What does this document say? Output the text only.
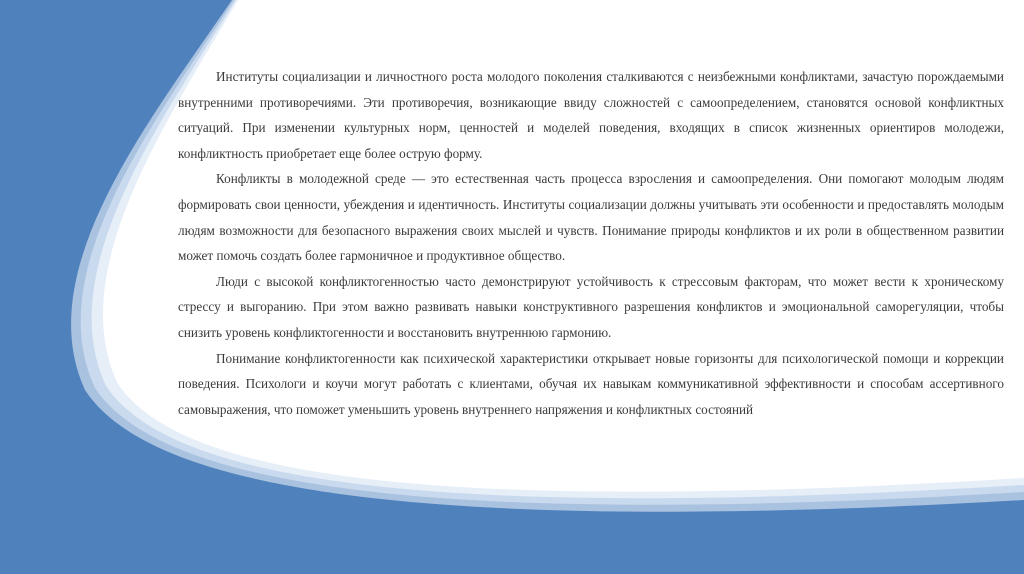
Институты социализации и личностного роста молодого поколения сталкиваются с неизбежными конфликтами, зачастую порождаемыми внутренними противоречиями. Эти противоречия, возникающие ввиду сложностей с самоопределением, становятся основой конфликтных ситуаций. При изменении культурных норм, ценностей и моделей поведения, входящих в список жизненных ориентиров молодежи, конфликтность приобретает еще более острую форму.

Конфликты в молодежной среде — это естественная часть процесса взросления и самоопределения. Они помогают молодым людям формировать свои ценности, убеждения и идентичность. Институты социализации должны учитывать эти особенности и предоставлять молодым людям возможности для безопасного выражения своих мыслей и чувств. Понимание природы конфликтов и их роли в общественном развитии может помочь создать более гармоничное и продуктивное общество.

Люди с высокой конфликтогенностью часто демонстрируют устойчивость к стрессовым факторам, что может вести к хроническому стрессу и выгоранию. При этом важно развивать навыки конструктивного разрешения конфликтов и эмоциональной саморегуляции, чтобы снизить уровень конфликтогенности и восстановить внутреннюю гармонию.

Понимание конфликтогенности как психической характеристики открывает новые горизонты для психологической помощи и коррекции поведения. Психологи и коучи могут работать с клиентами, обучая их навыкам коммуникативной эффективности и способам ассертивного самовыражения, что поможет уменьшить уровень внутреннего напряжения и конфликтных состояний
